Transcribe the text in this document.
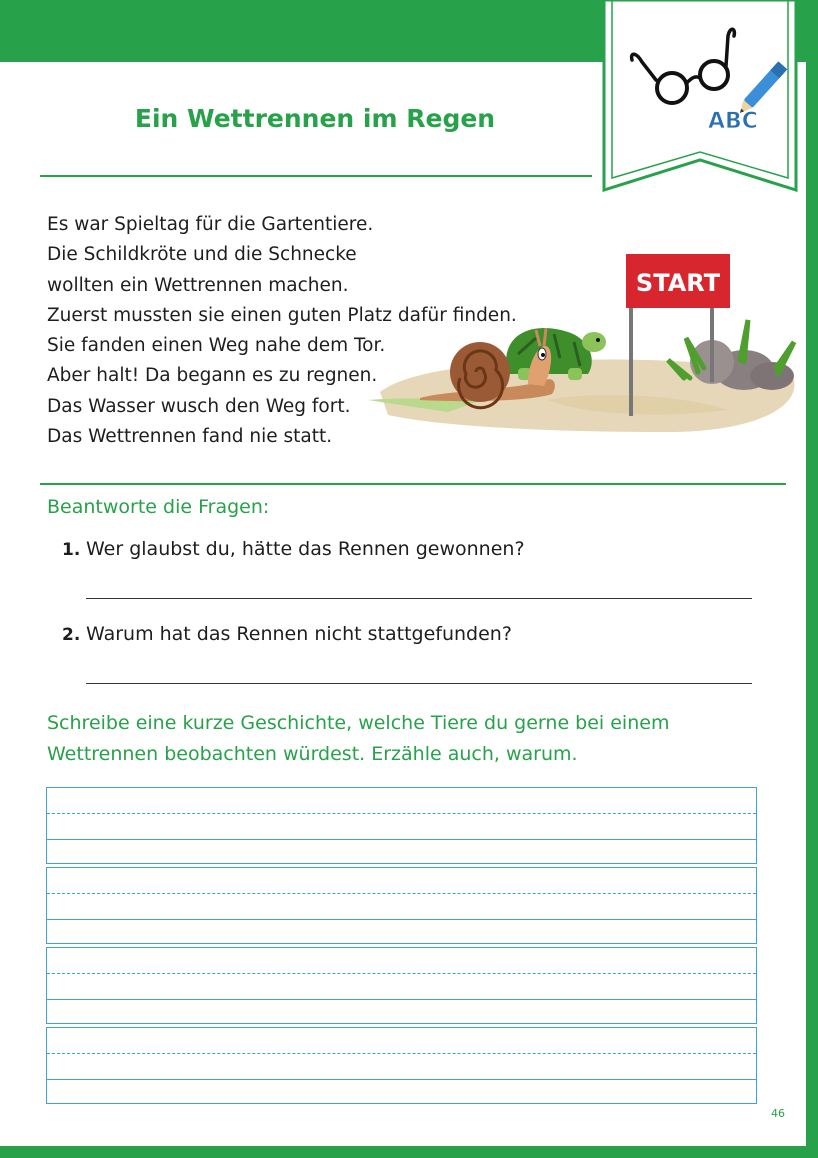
ABC
Ein Wettrennen im Regen
Es war Spieltag für die Gartentiere.
Die Schildkröte und die Schnecke
wollten ein Wettrennen machen.
Zuerst mussten sie einen guten Platz dafür finden.
Sie fanden einen Weg nahe dem Tor.
Aber halt! Da begann es zu regnen.
Das Wasser wusch den Weg fort.
Das Wettrennen fand nie statt.
START
Beantworte die Fragen:
1. Wer glaubst du, hätte das Rennen gewonnen?
2. Warum hat das Rennen nicht stattgefunden?
Schreibe eine kurze Geschichte, welche Tiere du gerne bei einem Wettrennen beobachten würdest. Erzähle auch, warum.
46
